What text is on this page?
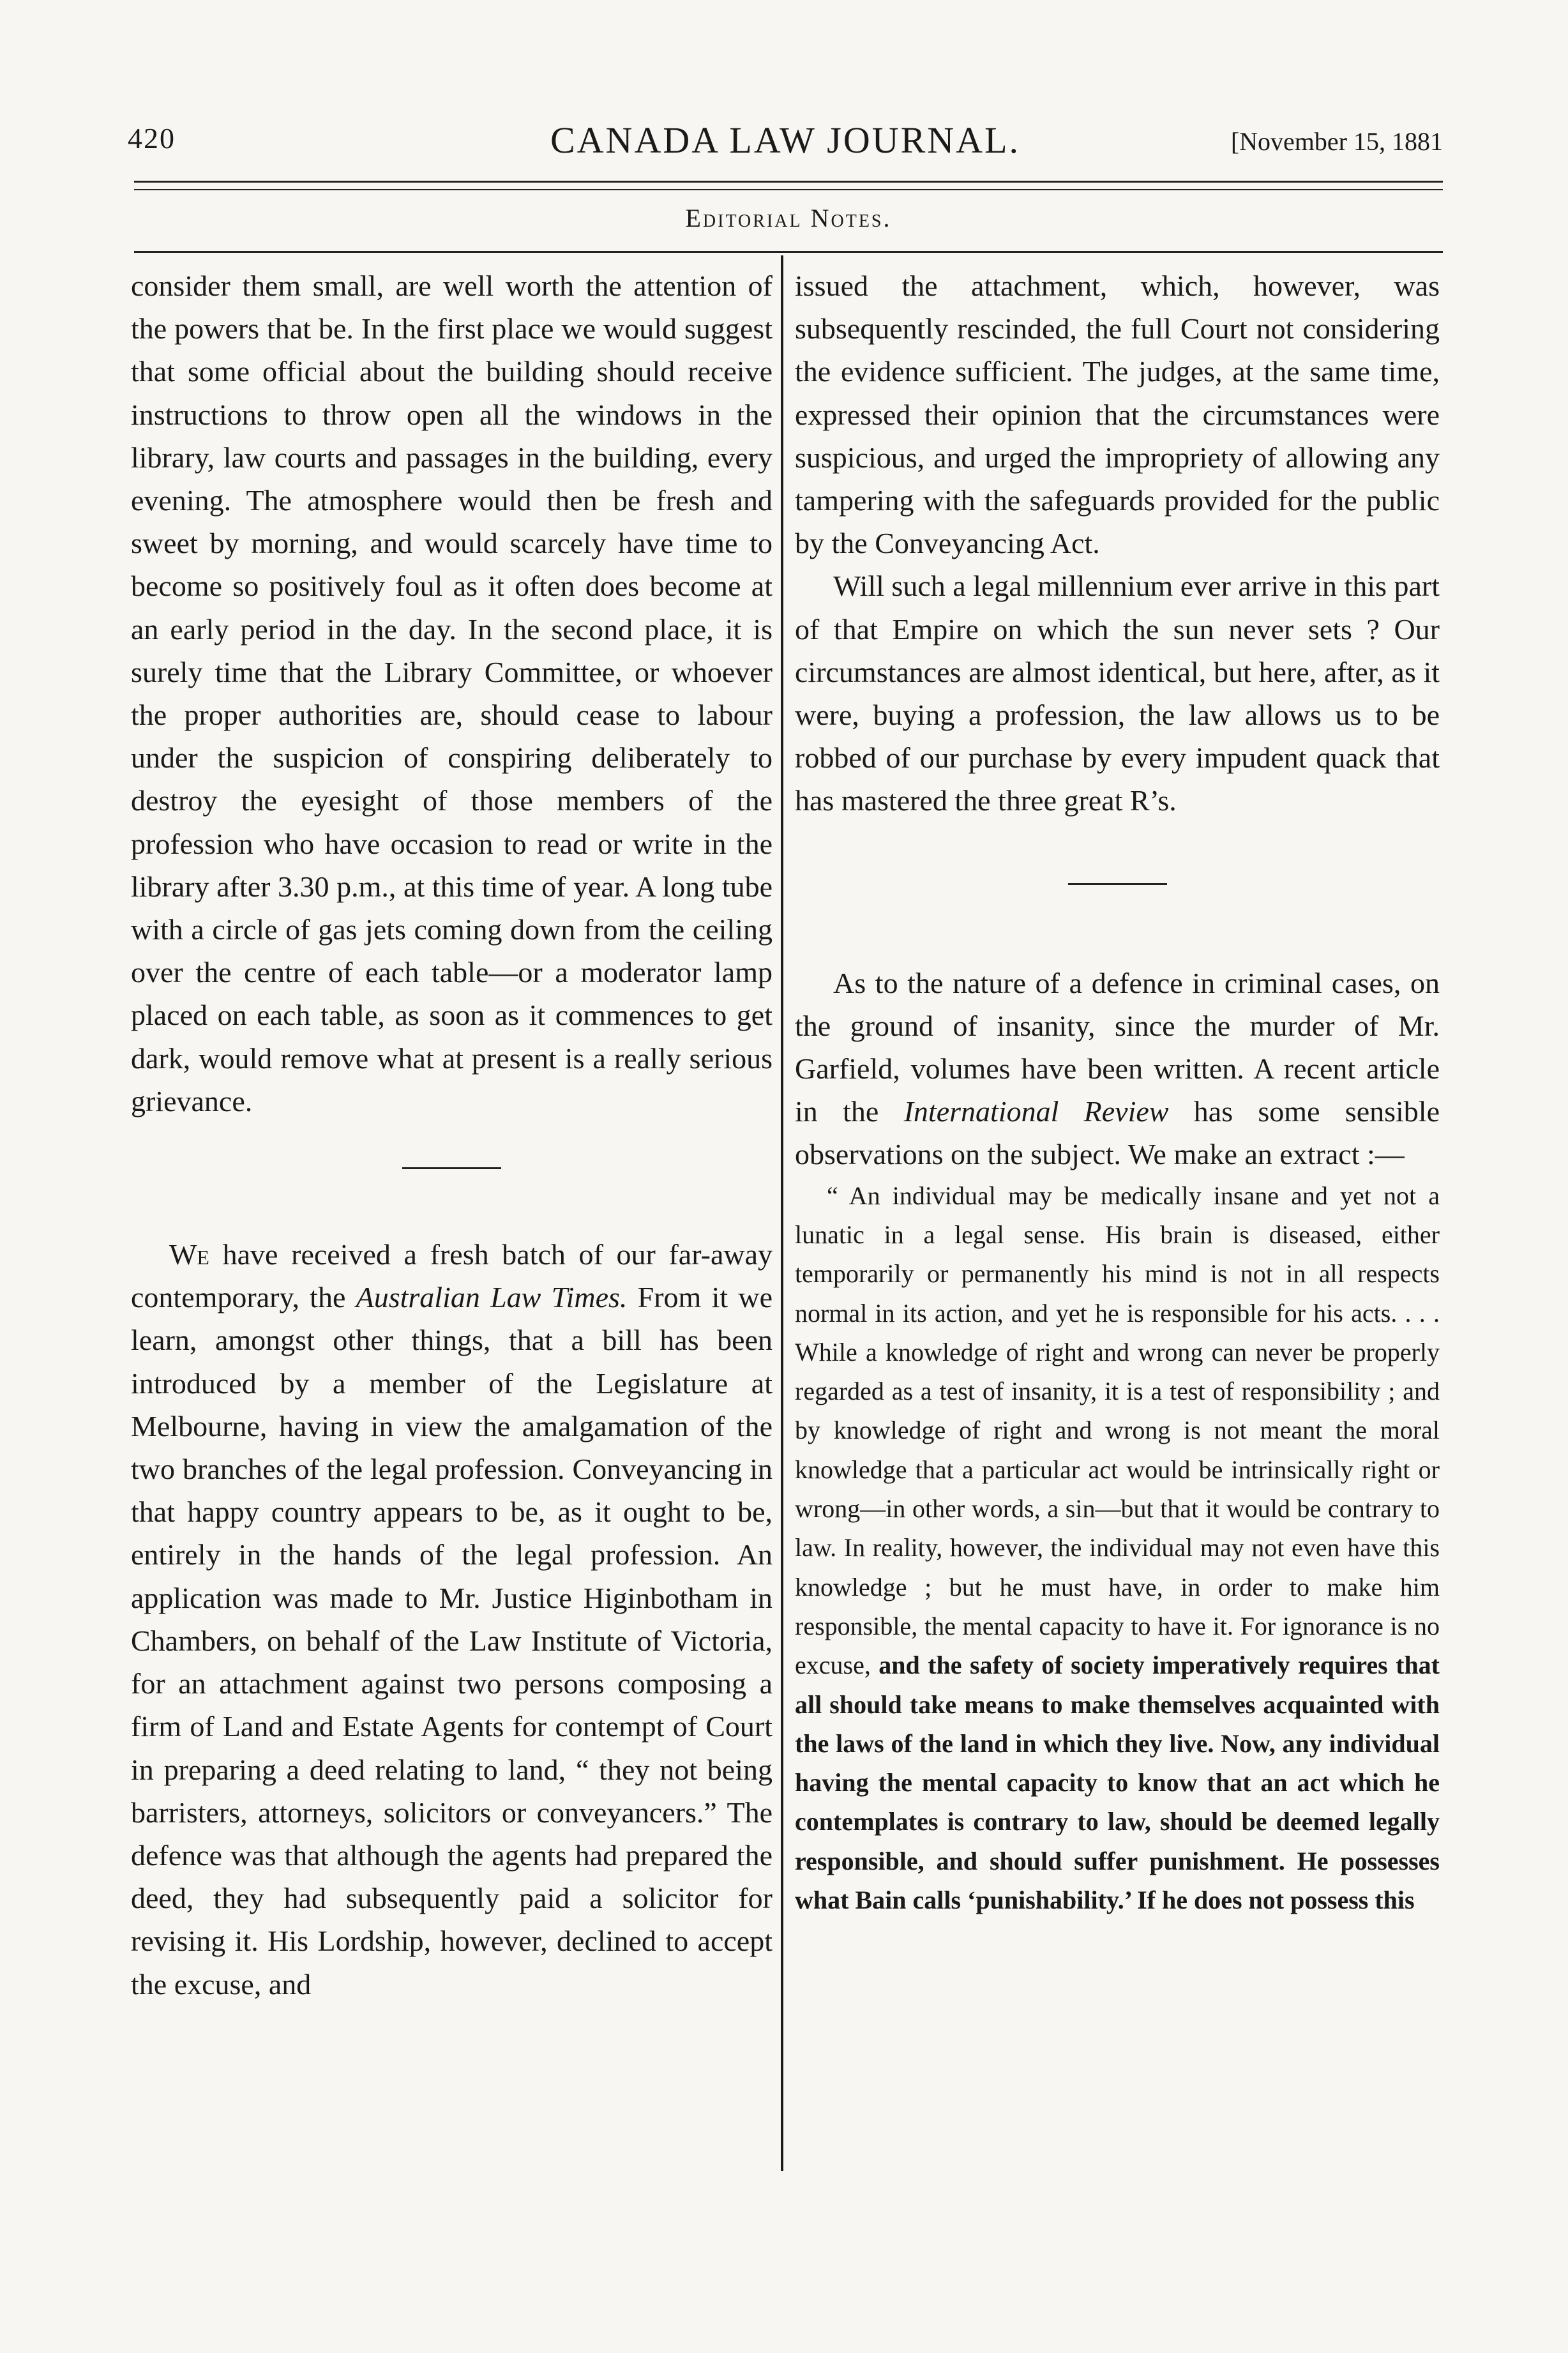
420	CANADA LAW JOURNAL.	[November 15, 1881
Editorial Notes.

consider them small, are well worth the attention of the powers that be. In the first place we would suggest that some official about the building should receive instructions to throw open all the windows in the library, law courts and passages in the building, every evening. The atmosphere would then be fresh and sweet by morning, and would scarcely have time to become so positively foul as it often does become at an early period in the day. In the second place, it is surely time that the Library Committee, or whoever the proper authorities are, should cease to labour under the suspicion of conspiring deliberately to destroy the eyesight of those members of the profession who have occasion to read or write in the library after 3.30 p.m., at this time of year. A long tube with a circle of gas jets coming down from the ceiling over the centre of each table—or a moderator lamp placed on each table, as soon as it commences to get dark, would remove what at present is a really serious grievance.

We have received a fresh batch of our far-away contemporary, the Australian Law Times. From it we learn, amongst other things, that a bill has been introduced by a member of the Legislature at Melbourne, having in view the amalgamation of the two branches of the legal profession. Conveyancing in that happy country appears to be, as it ought to be, entirely in the hands of the legal profession. An application was made to Mr. Justice Higinbotham in Chambers, on behalf of the Law Institute of Victoria, for an attachment against two persons composing a firm of Land and Estate Agents for contempt of Court in preparing a deed relating to land, “ they not being barristers, attorneys, solicitors or conveyancers.” The defence was that although the agents had prepared the deed, they had subsequently paid a solicitor for revising it. His Lordship, however, declined to accept the excuse, and

issued the attachment, which, however, was subsequently rescinded, the full Court not considering the evidence sufficient. The judges, at the same time, expressed their opinion that the circumstances were suspicious, and urged the impropriety of allowing any tampering with the safeguards provided for the public by the Conveyancing Act.

Will such a legal millennium ever arrive in this part of that Empire on which the sun never sets ? Our circumstances are almost identical, but here, after, as it were, buying a profession, the law allows us to be robbed of our purchase by every impudent quack that has mastered the three great R’s.

As to the nature of a defence in criminal cases, on the ground of insanity, since the murder of Mr. Garfield, volumes have been written. A recent article in the International Review has some sensible observations on the subject. We make an extract :—

“ An individual may be medically insane and yet not a lunatic in a legal sense. His brain is diseased, either temporarily or permanently his mind is not in all respects normal in its action, and yet he is responsible for his acts. . . . While a knowledge of right and wrong can never be properly regarded as a test of insanity, it is a test of responsibility ; and by knowledge of right and wrong is not meant the moral knowledge that a particular act would be intrinsically right or wrong—in other words, a sin—but that it would be contrary to law. In reality, however, the individual may not even have this knowledge ; but he must have, in order to make him responsible, the mental capacity to have it. For ignorance is no excuse, and the safety of society imperatively requires that all should take means to make themselves acquainted with the laws of the land in which they live. Now, any individual having the mental capacity to know that an act which he contemplates is contrary to law, should be deemed legally responsible, and should suffer punishment. He possesses what Bain calls ‘punishability.’ If he does not possess this
